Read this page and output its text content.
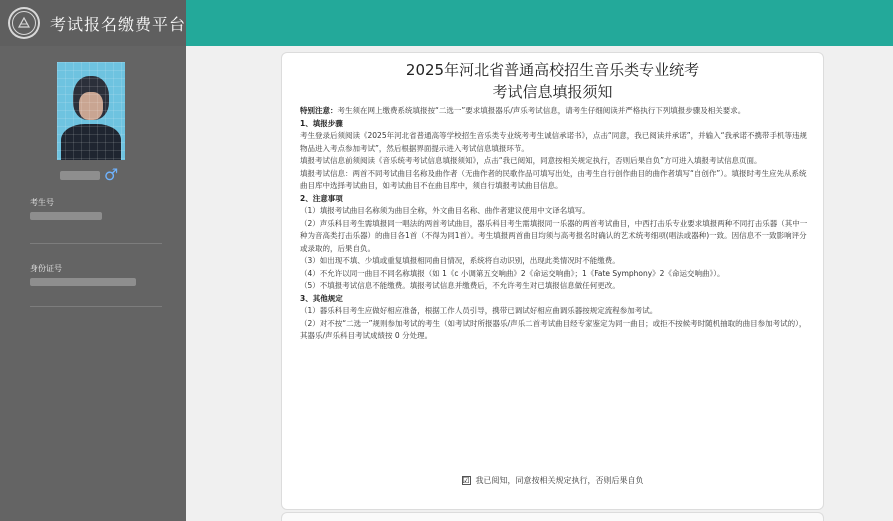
考试报名缴费平台
♂
考生号
身份证号
2025年河北省普通高校招生音乐类专业统考
考试信息填报须知

特别注意：考生须在网上缴费系统填报按“二选一”要求填报器乐/声乐考试信息，请考生仔细阅读并严格执行下列填报步骤及相关要求。

1、填报步骤

考生登录后须阅读《2025年河北省普通高等学校招生音乐类专业统考考生诚信承诺书》，点击“同意，我已阅读并承诺”，并输入“我承诺不携带手机等违规物品进入考点参加考试”，然后根据界面提示进入考试信息填报环节。

填报考试信息前须阅读《音乐统考考试信息填报须知》，点击“我已阅知，同意按相关规定执行，否则后果自负”方可进入填报考试信息页面。

填报考试信息：两首不同考试曲目名称及曲作者（无曲作者的民歌作品可填写出处，由考生自行创作曲目的曲作者填写“自创作”）。填报时考生应先从系统曲目库中选择考试曲目，如考试曲目不在曲目库中，须自行填报考试曲目信息。

2、注意事项

（1）填报考试曲目名称须为曲目全称，外文曲目名称、曲作者建议使用中文译名填写。

（2）声乐科目考生需填报同一唱法的两首考试曲目，器乐科目考生需填报同一乐器的两首考试曲目，中西打击乐专业要求填报两种不同打击乐器（其中一种为音高类打击乐器）的曲目各1首（不得为同1首）。考生填报两首曲目均须与高考报名时确认的艺术统考细项(唱法或器种)一致。因信息不一致影响评分或录取的，后果自负。

（3）如出现不填、少填或重复填报相同曲目情况，系统将自动识别，出现此类情况时不能缴费。

（4）不允许以同一曲目不同名称填报（如 1《c 小调第五交响曲》2《命运交响曲》；1《Fate Symphony》2《命运交响曲》）。

（5）不填报考试信息不能缴费。填报考试信息并缴费后，不允许考生对已填报信息做任何更改。

3、其他规定

（1）器乐科目考生应做好相应准备，根据工作人员引导，携带已调试好相应曲调乐器按规定流程参加考试。

（2）对不按“二选一”规则参加考试的考生（如考试时所报器乐/声乐二首考试曲目经专家鉴定为同一曲目；或拒不按候考时随机抽取的曲目参加考试的），其器乐/声乐科目考试成绩按 0 分处理。

☑ 我已阅知，同意按相关规定执行，否则后果自负
